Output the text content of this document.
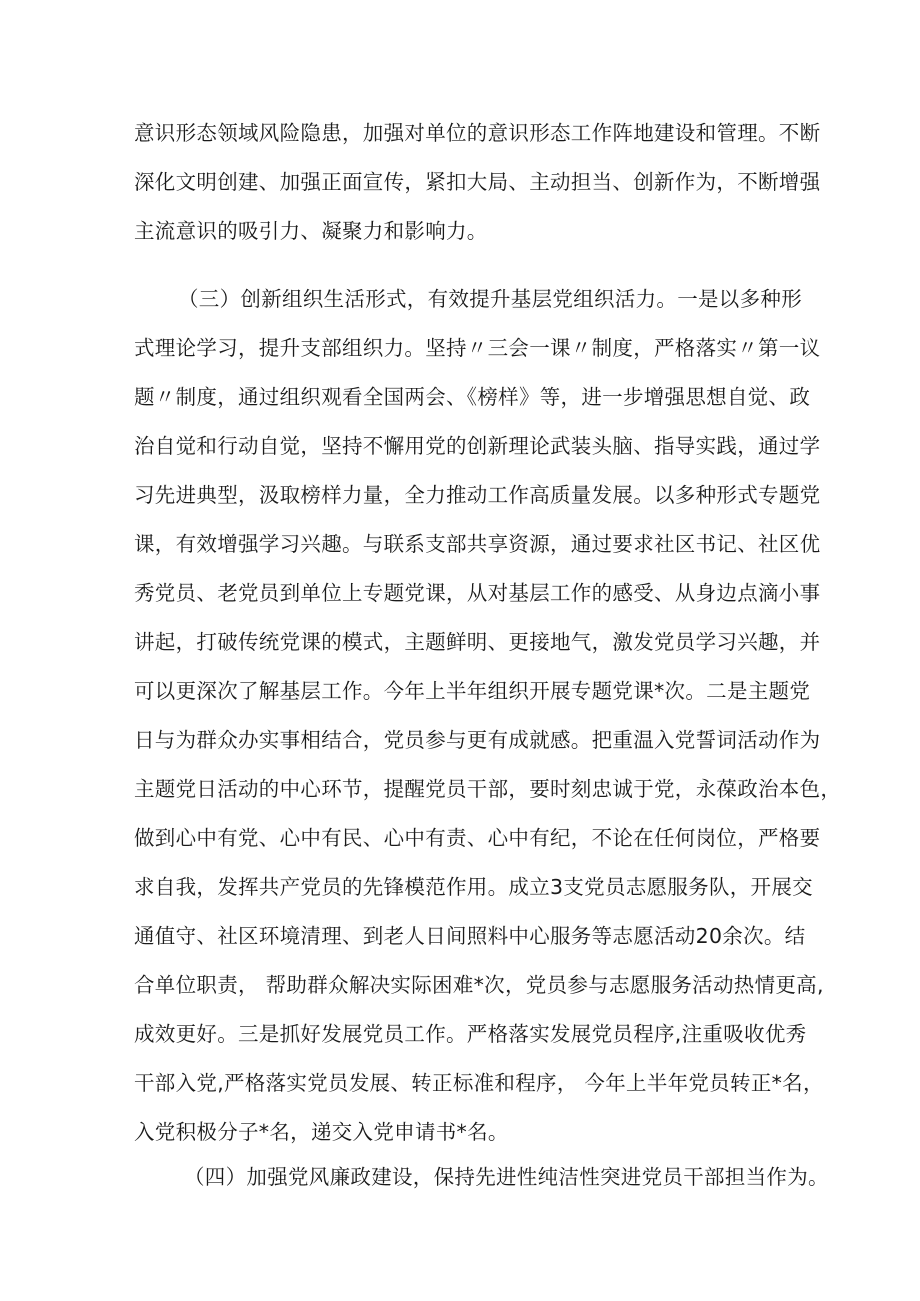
意识形态领域风险隐患，加强对单位的意识形态工作阵地建设和管理。不断
深化文明创建、加强正面宣传，紧扣大局、主动担当、创新作为，不断增强
主流意识的吸引力、凝聚力和影响力。
（三）创新组织生活形式，有效提升基层党组织活力。一是以多种形
式理论学习，提升支部组织力。坚持〃三会一课〃制度，严格落实〃第一议
题〃制度，通过组织观看全国两会、《榜样》等，进一步增强思想自觉、政
治自觉和行动自觉，坚持不懈用党的创新理论武装头脑、指导实践，通过学
习先进典型，汲取榜样力量，全力推动工作高质量发展。以多种形式专题党
课，有效增强学习兴趣。与联系支部共享资源，通过要求社区书记、社区优
秀党员、老党员到单位上专题党课，从对基层工作的感受、从身边点滴小事
讲起，打破传统党课的模式，主题鲜明、更接地气，激发党员学习兴趣，并
可以更深次了解基层工作。今年上半年组织开展专题党课*次。二是主题党
日与为群众办实事相结合，党员参与更有成就感。把重温入党誓词活动作为
主题党日活动的中心环节，提醒党员干部，要时刻忠诚于党，永葆政治本色，
做到心中有党、心中有民、心中有责、心中有纪，不论在任何岗位，严格要
求自我，发挥共产党员的先锋模范作用。成立3支党员志愿服务队，开展交
通值守、社区环境清理、到老人日间照料中心服务等志愿活动20余次。结
合单位职责， 帮助群众解决实际困难*次，党员参与志愿服务活动热情更高,
成效更好。三是抓好发展党员工作。严格落实发展党员程序,注重吸收优秀
干部入党,严格落实党员发展、转正标准和程序， 今年上半年党员转正*名，
入党积极分子*名，递交入党申请书*名。
（四）加强党风廉政建设，保持先进性纯洁性突进党员干部担当作为。
